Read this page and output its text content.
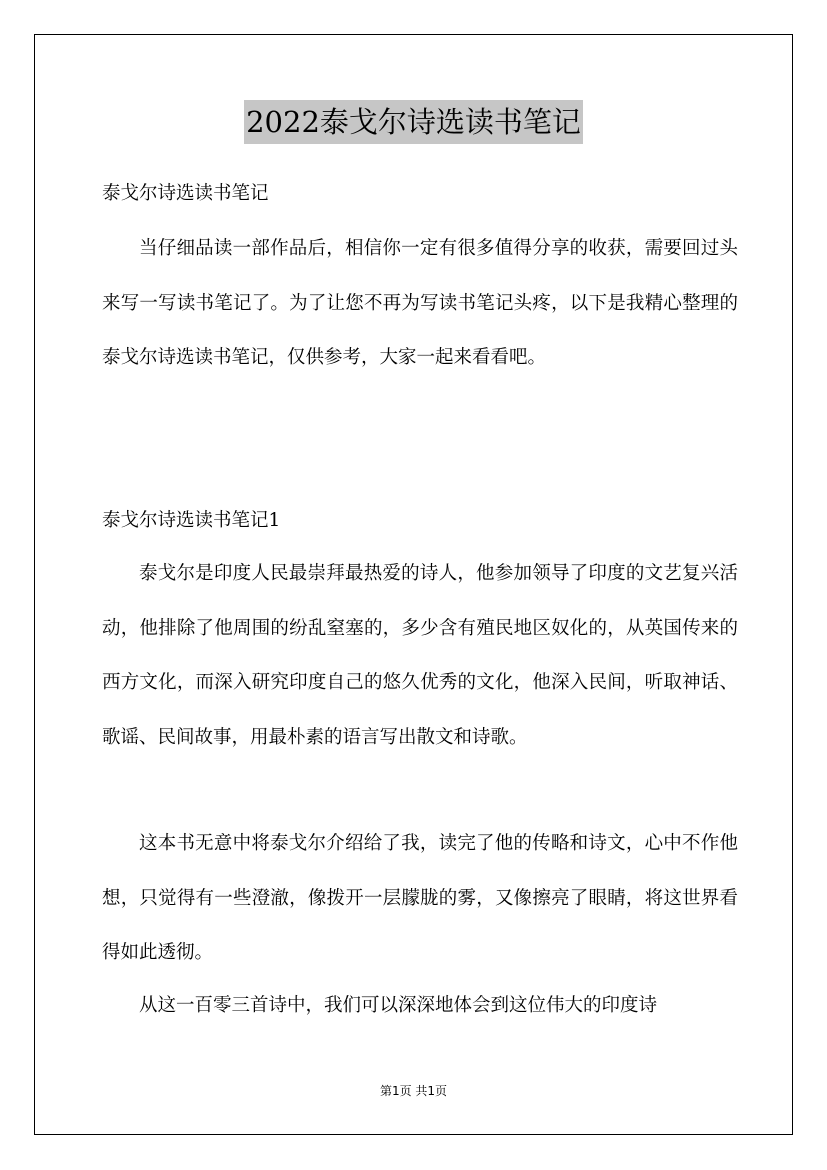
2022泰戈尔诗选读书笔记

泰戈尔诗选读书笔记

当仔细品读一部作品后，相信你一定有很多值得分享的收获，需要回过头来写一写读书笔记了。为了让您不再为写读书笔记头疼，以下是我精心整理的泰戈尔诗选读书笔记，仅供参考，大家一起来看看吧。

泰戈尔诗选读书笔记1

泰戈尔是印度人民最崇拜最热爱的诗人，他参加领导了印度的文艺复兴活动，他排除了他周围的纷乱窒塞的，多少含有殖民地区奴化的，从英国传来的西方文化，而深入研究印度自己的悠久优秀的文化，他深入民间，听取神话、歌谣、民间故事，用最朴素的语言写出散文和诗歌。

这本书无意中将泰戈尔介绍给了我，读完了他的传略和诗文，心中不作他想，只觉得有一些澄澈，像拨开一层朦胧的雾，又像擦亮了眼睛，将这世界看得如此透彻。

从这一百零三首诗中，我们可以深深地体会到这位伟大的印度诗

第1页 共1页
